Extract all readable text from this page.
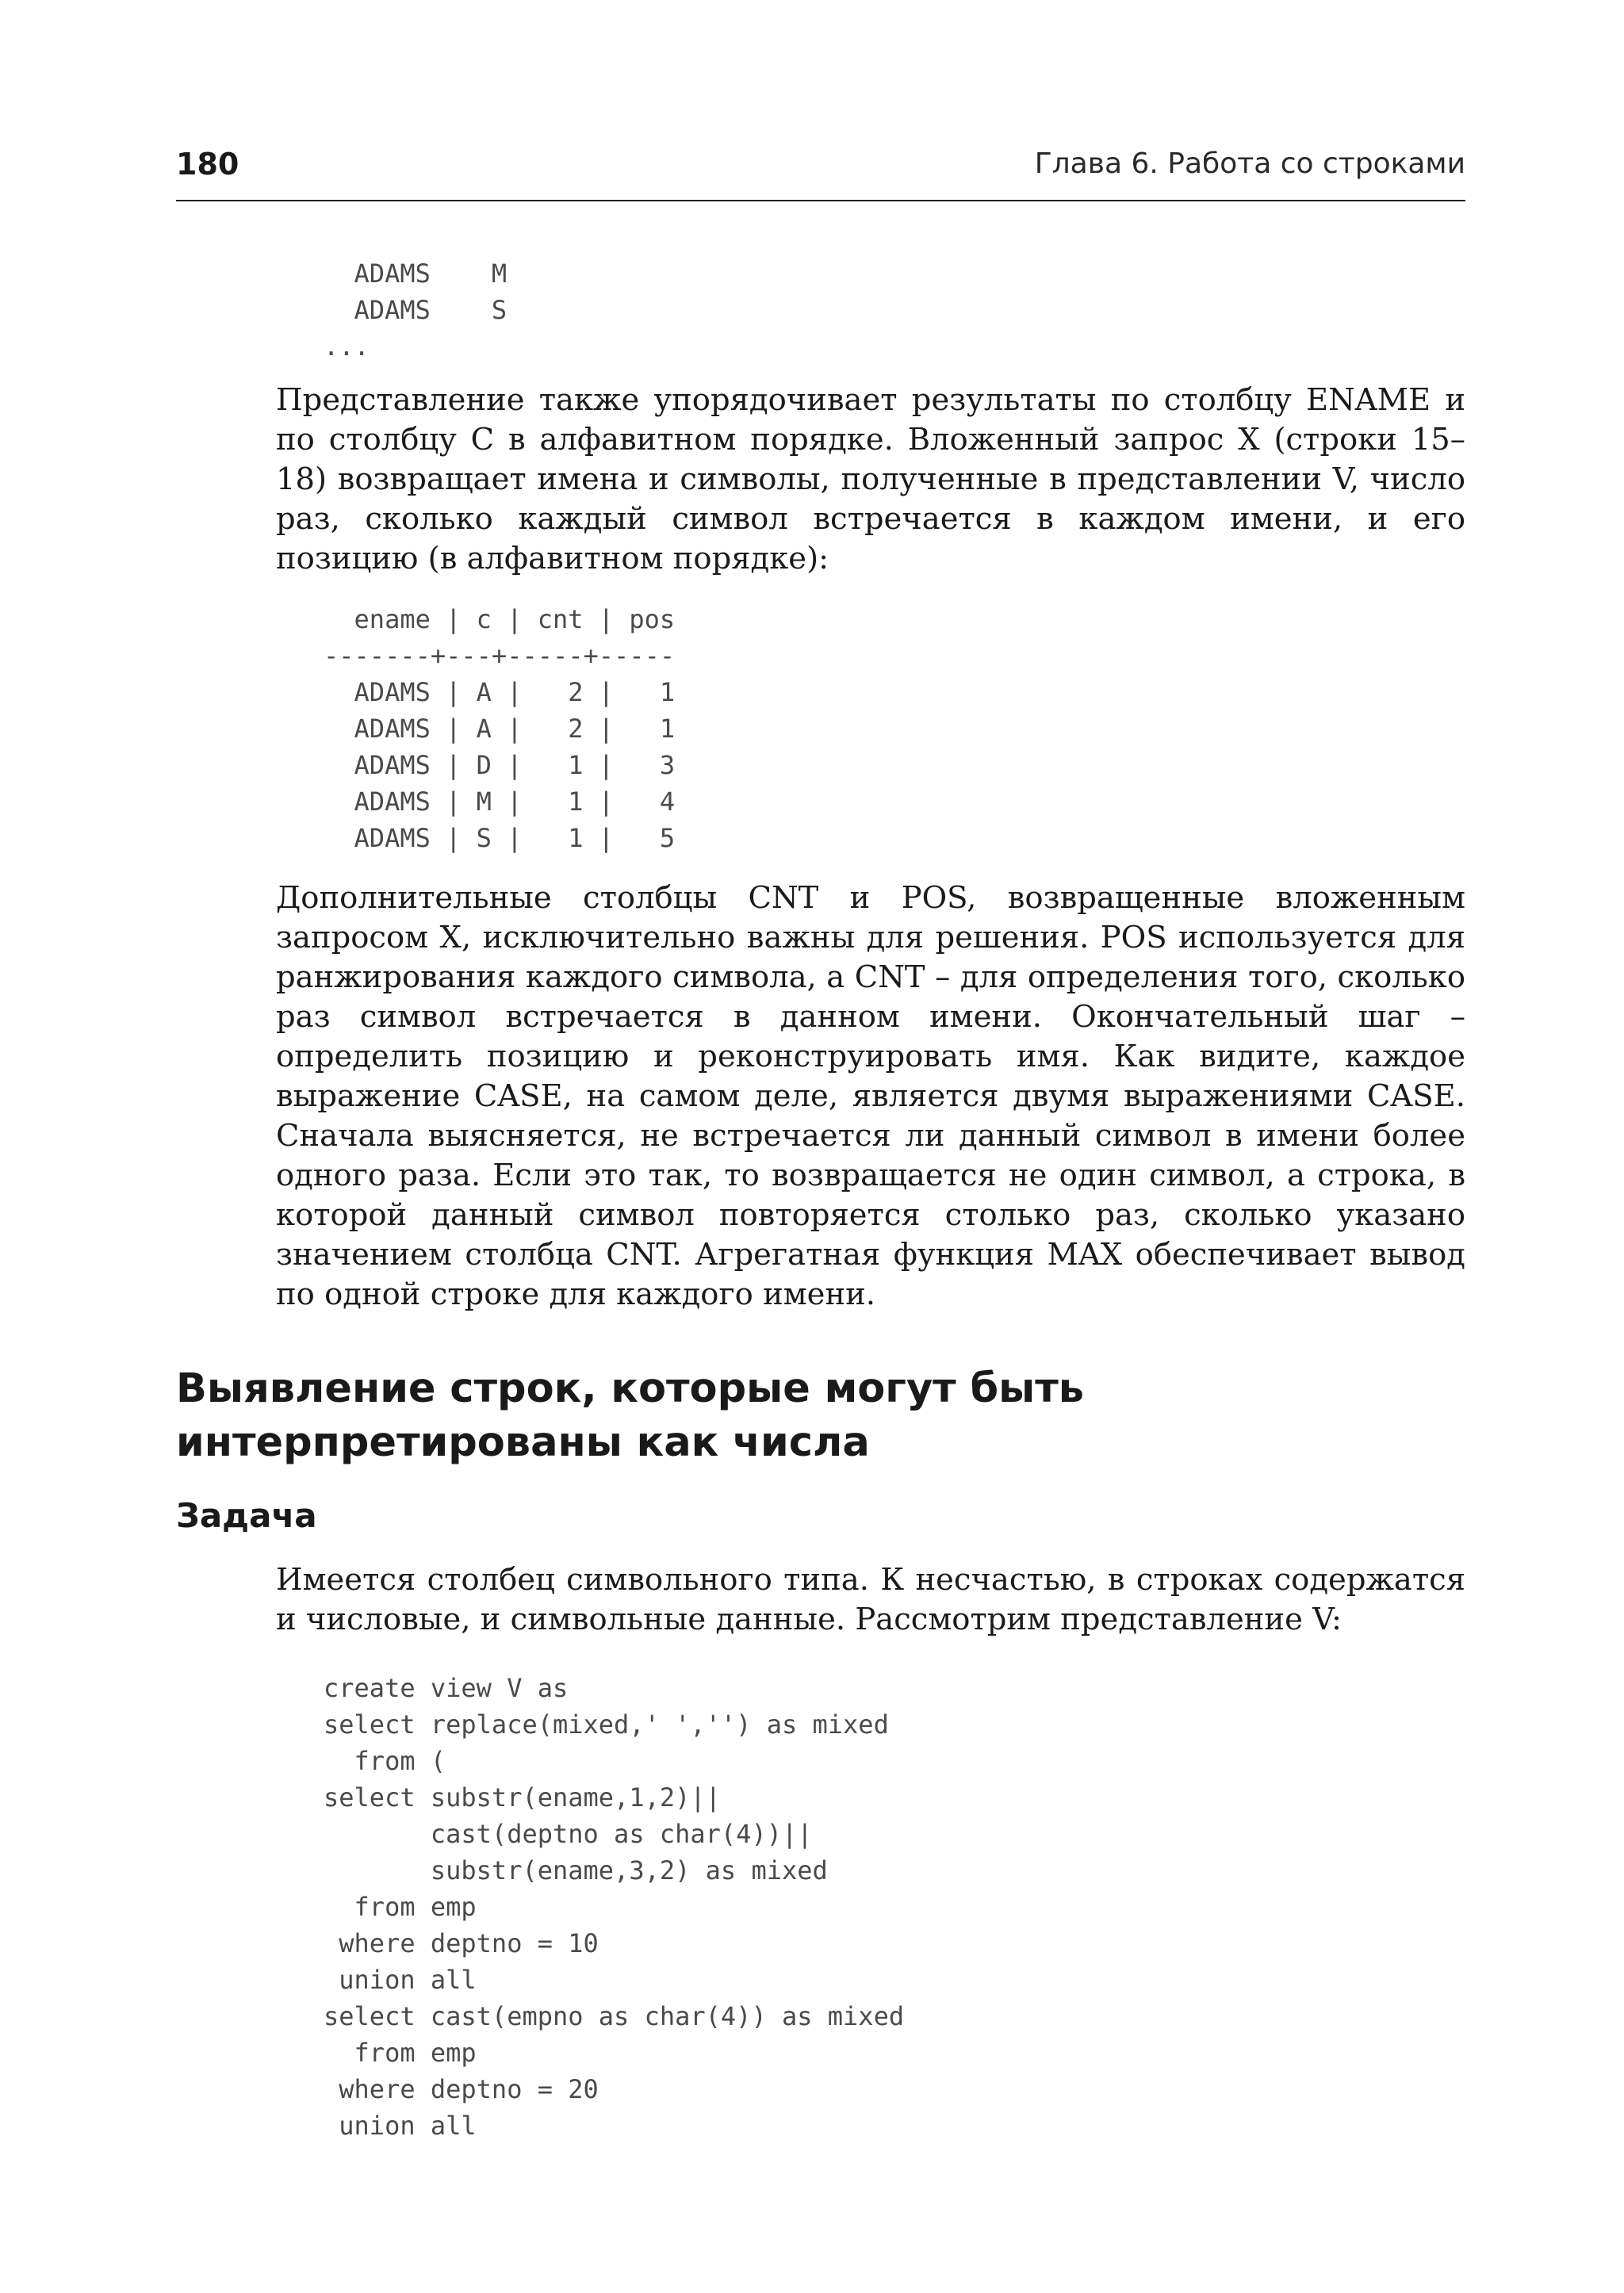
180	Глава 6. Работа со строками
ADAMS    M
ADAMS    S
...

Представление также упорядочивает результаты по столбцу ENAME и по столбцу C в алфавитном порядке. Вложенный запрос X (строки 15–18) возвращает имена и символы, полученные в представлении V, число раз, сколько каждый символ встречается в каждом имени, и его позицию (в алфавитном порядке):

ename | c | cnt | pos
-------+---+-----+-----
ADAMS | A |   2 |   1
ADAMS | A |   2 |   1
ADAMS | D |   1 |   3
ADAMS | M |   1 |   4
ADAMS | S |   1 |   5

Дополнительные столбцы CNT и POS, возвращенные вложенным запросом X, исключительно важны для решения. POS используется для ранжирования каждого символа, а CNT – для определения того, сколько раз символ встречается в данном имени. Окончательный шаг – определить позицию и реконструировать имя. Как видите, каждое выражение CASE, на самом деле, является двумя выражениями CASE. Сначала выясняется, не встречается ли данный символ в имени более одного раза. Если это так, то возвращается не один символ, а строка, в которой данный символ повторяется столько раз, сколько указано значением столбца CNT. Агрегатная функция MAX обеспечивает вывод по одной строке для каждого имени.

Выявление строк, которые могут быть интерпретированы как числа
Задача

Имеется столбец символьного типа. К несчастью, в строках содержатся и числовые, и символьные данные. Рассмотрим представление V:

create view V as
select replace(mixed,' ','') as mixed
from (
select substr(ename,1,2)||
cast(deptno as char(4))||
substr(ename,3,2) as mixed
from emp
where deptno = 10
union all
select cast(empno as char(4)) as mixed
from emp
where deptno = 20
union all
